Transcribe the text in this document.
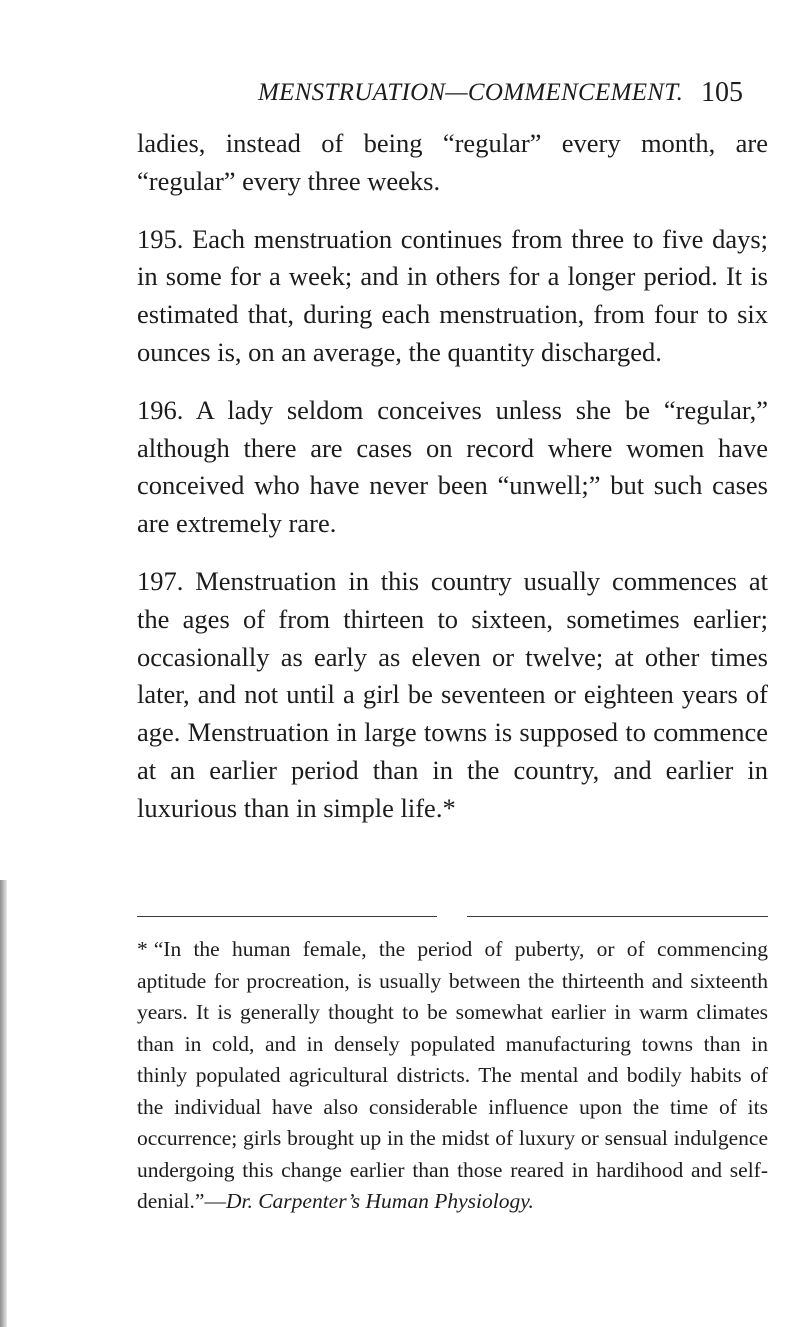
MENSTRUATION—COMMENCEMENT. 105

ladies, instead of being “regular” every month, are “regular” every three weeks.

195. Each menstruation continues from three to five days; in some for a week; and in others for a longer period. It is estimated that, during each menstruation, from four to six ounces is, on an average, the quantity discharged.

196. A lady seldom conceives unless she be “regular,” although there are cases on record where women have conceived who have never been “unwell;” but such cases are extremely rare.

197. Menstruation in this country usually commences at the ages of from thirteen to sixteen, sometimes earlier; occasionally as early as eleven or twelve; at other times later, and not until a girl be seventeen or eighteen years of age. Menstruation in large towns is supposed to commence at an earlier period than in the country, and earlier in luxurious than in simple life.*

* “In the human female, the period of puberty, or of commencing aptitude for procreation, is usually between the thirteenth and sixteenth years. It is generally thought to be somewhat earlier in warm climates than in cold, and in densely populated manufacturing towns than in thinly populated agricultural districts. The mental and bodily habits of the individual have also considerable influence upon the time of its occurrence; girls brought up in the midst of luxury or sensual indulgence undergoing this change earlier than those reared in hardihood and self-denial.”—Dr. Carpenter’s Human Physiology.
